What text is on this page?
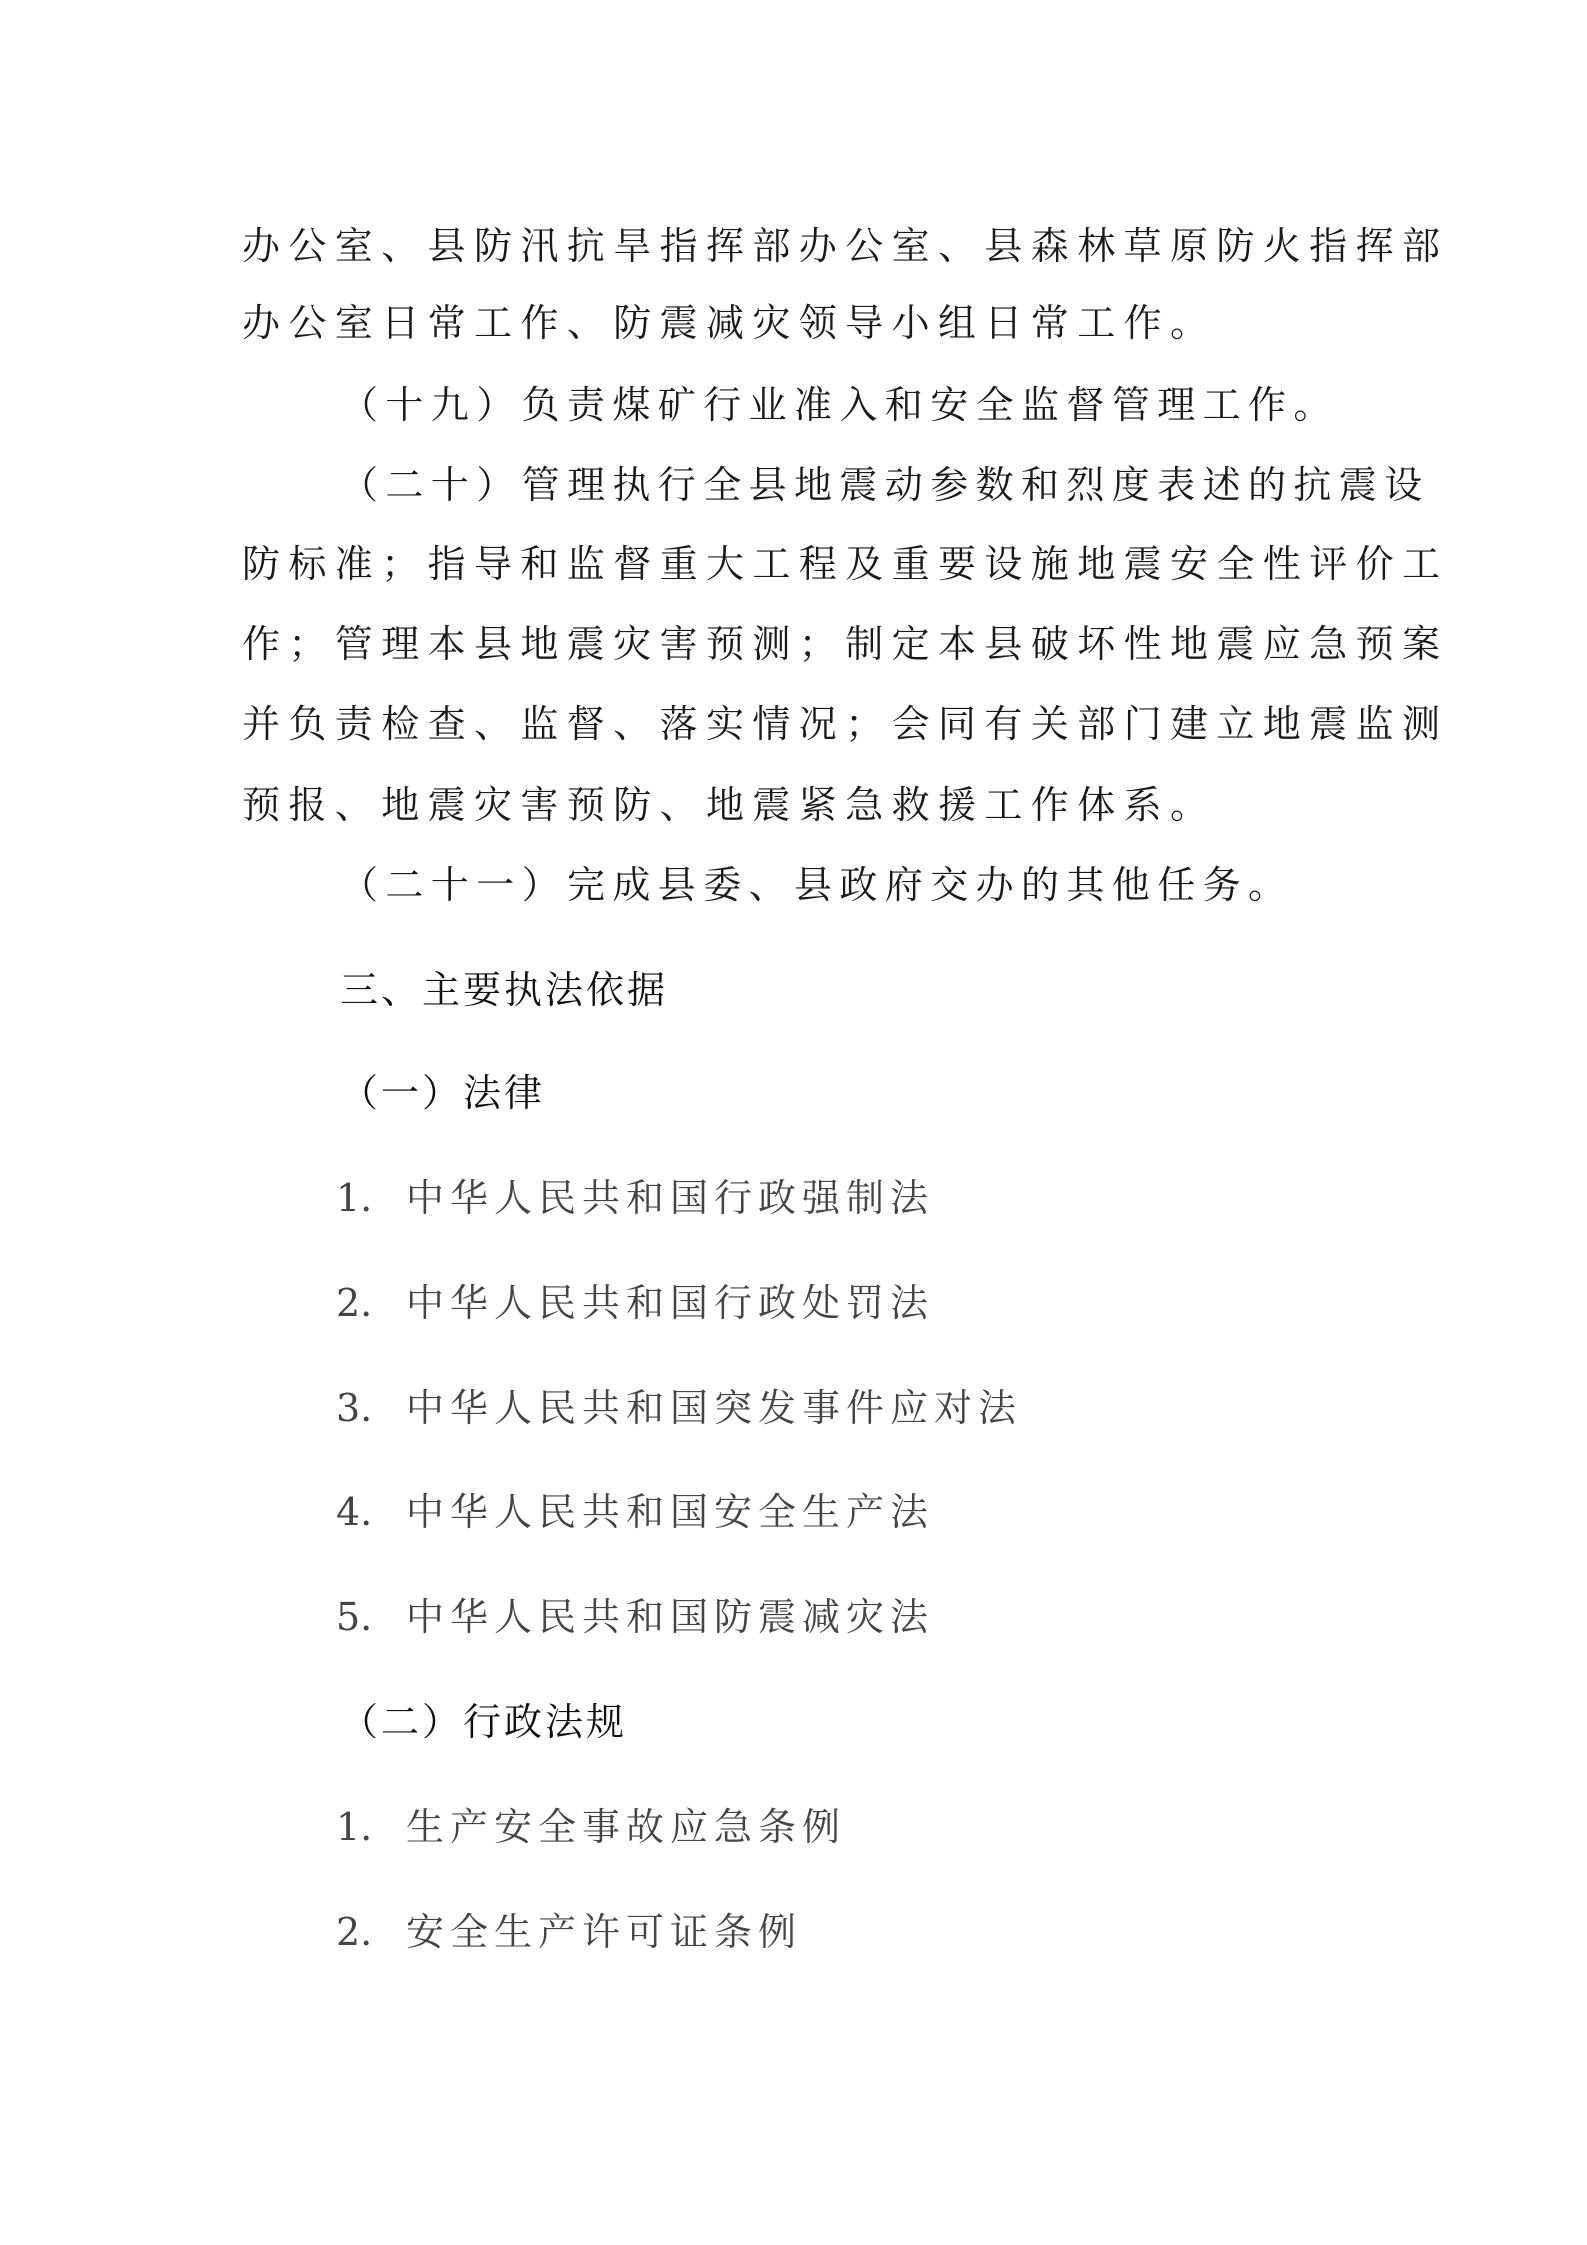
办公室、县防汛抗旱指挥部办公室、县森林草原防火指挥部
办公室日常工作、防震减灾领导小组日常工作。
（十九）负责煤矿行业准入和安全监督管理工作。
（二十）管理执行全县地震动参数和烈度表述的抗震设
防标准；指导和监督重大工程及重要设施地震安全性评价工
作；管理本县地震灾害预测；制定本县破坏性地震应急预案
并负责检查、监督、落实情况；会同有关部门建立地震监测
预报、地震灾害预防、地震紧急救援工作体系。
（二十一）完成县委、县政府交办的其他任务。
三、主要执法依据
（一）法律
1. 中华人民共和国行政强制法
2. 中华人民共和国行政处罚法
3. 中华人民共和国突发事件应对法
4. 中华人民共和国安全生产法
5. 中华人民共和国防震减灾法
（二）行政法规
1. 生产安全事故应急条例
2. 安全生产许可证条例
